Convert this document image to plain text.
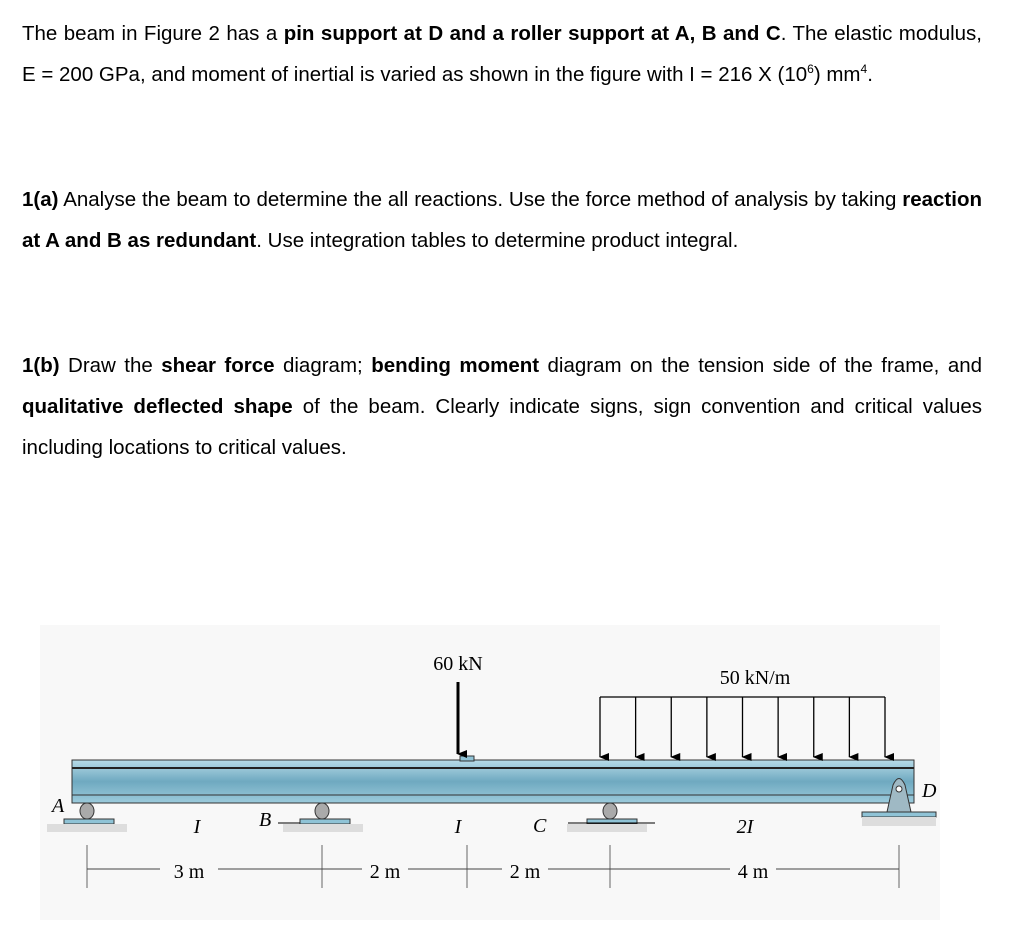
The beam in Figure 2 has a pin support at D and a roller support at A, B and C. The elastic modulus, E = 200 GPa, and moment of inertial is varied as shown in the figure with I = 216 X $(10^6)$ $mm^4$.
1(a) Analyse the beam to determine the all reactions. Use the force method of analysis by taking reaction at A and B as redundant. Use integration tables to determine product integral.
1(b) Draw the shear force diagram; bending moment diagram on the tension side of the frame, and qualitative deflected shape of the beam. Clearly indicate signs, sign convention and critical values including locations to critical values.
60 kN
50 kN/m
A
B	C
D
I	I	2I
3 m	2 m	2 m	4 m
